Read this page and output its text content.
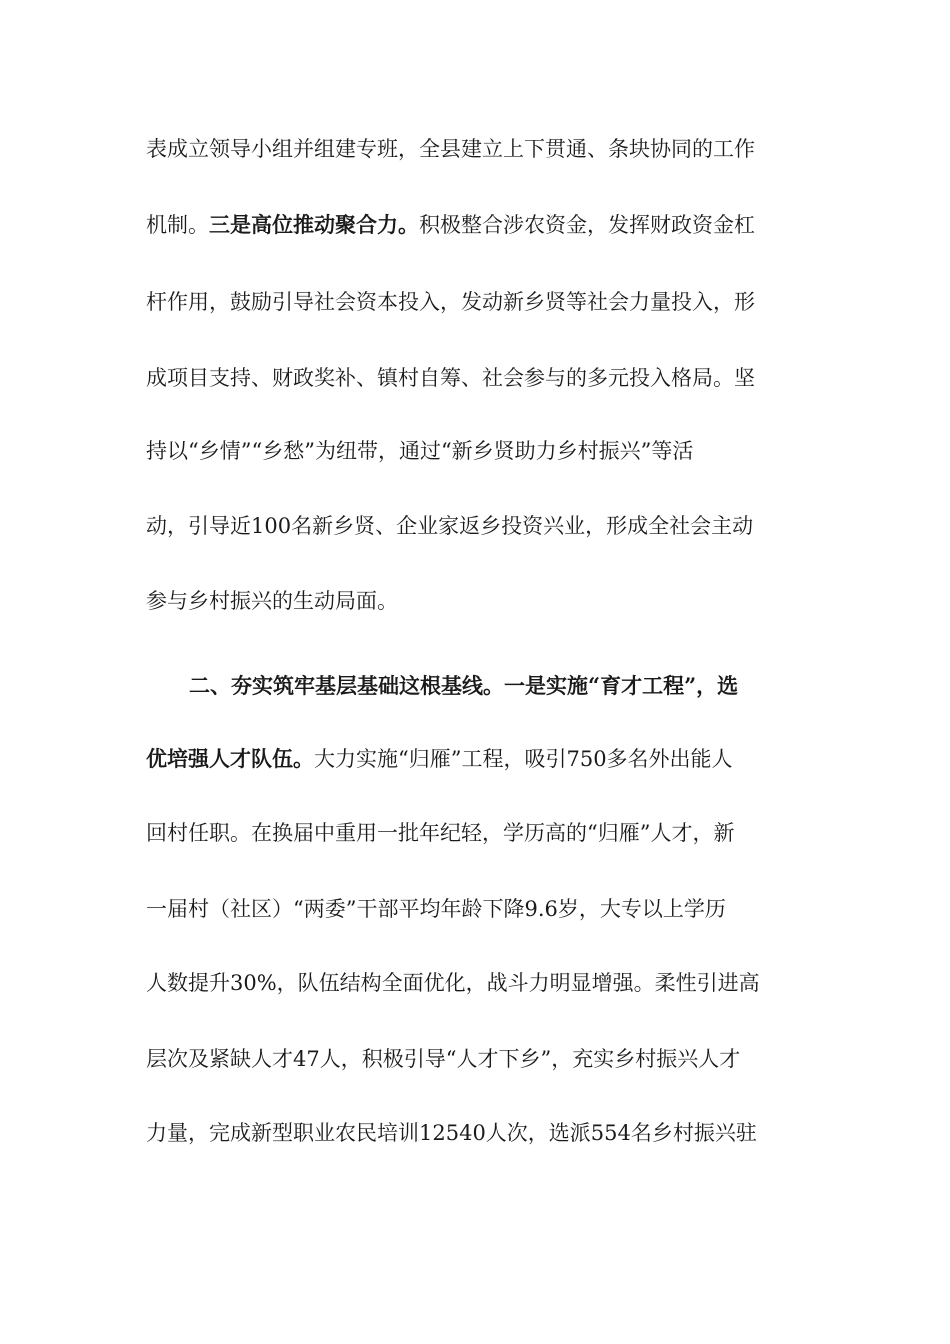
表成立领导小组并组建专班，全县建立上下贯通、条块协同的工作
机制。三是高位推动聚合力。积极整合涉农资金，发挥财政资金杠
杆作用，鼓励引导社会资本投入，发动新乡贤等社会力量投入，形
成项目支持、财政奖补、镇村自筹、社会参与的多元投入格局。坚
持以“乡情”“乡愁”为纽带，通过“新乡贤助力乡村振兴”等活
动，引导近100名新乡贤、企业家返乡投资兴业，形成全社会主动
参与乡村振兴的生动局面。
二、夯实筑牢基层基础这根基线。一是实施“育才工程”，选
优培强人才队伍。大力实施“归雁”工程，吸引750多名外出能人
回村任职。在换届中重用一批年纪轻，学历高的“归雁”人才，新
一届村（社区）“两委”干部平均年龄下降9.6岁，大专以上学历
人数提升30%，队伍结构全面优化，战斗力明显增强。柔性引进高
层次及紧缺人才47人，积极引导“人才下乡”，充实乡村振兴人才
力量，完成新型职业农民培训12540人次，选派554名乡村振兴驻
